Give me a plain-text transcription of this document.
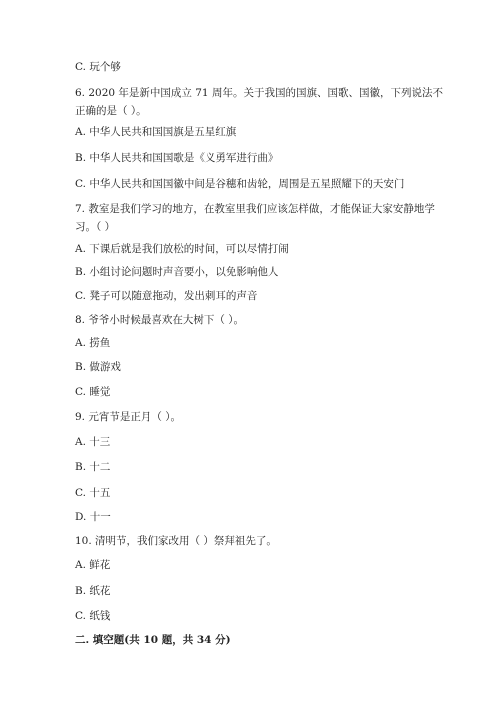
C. 玩个够
6. 2020 年是新中国成立 71 周年。关于我国的国旗、国歌、国徽，下列说法不
正确的是（ ）。
A. 中华人民共和国国旗是五星红旗
B. 中华人民共和国国歌是《义勇军进行曲》
C. 中华人民共和国国徽中间是谷穗和齿轮，周围是五星照耀下的天安门
7. 教室是我们学习的地方，在教室里我们应该怎样做，才能保证大家安静地学
习。（ ）
A. 下课后就是我们放松的时间，可以尽情打闹
B. 小组讨论问题时声音要小，以免影响他人
C. 凳子可以随意拖动，发出刺耳的声音
8. 爷爷小时候最喜欢在大树下（ ）。
A. 捞鱼
B. 做游戏
C. 睡觉
9. 元宵节是正月（ ）。
A. 十三
B. 十二
C. 十五
D. 十一
10. 清明节，我们家改用（ ）祭拜祖先了。
A. 鲜花
B. 纸花
C. 纸钱
二. 填空题(共 10 题，共 34 分)
